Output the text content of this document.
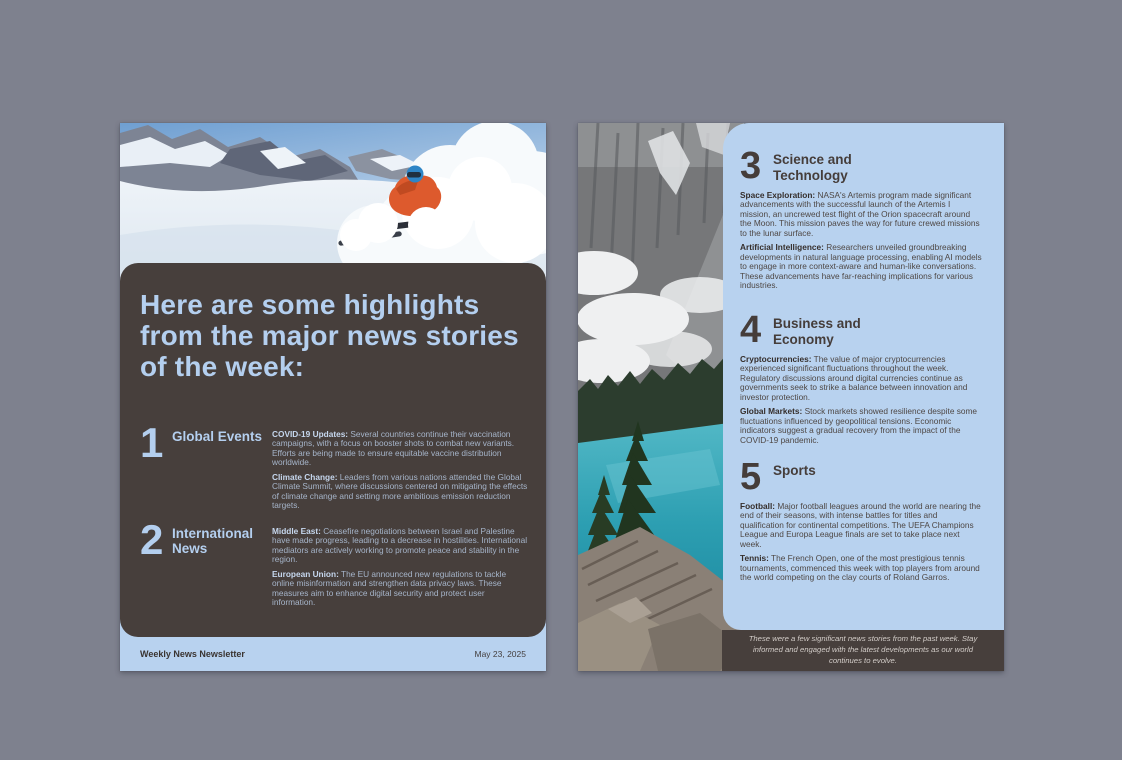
Here are some highlights from the major news stories of the week:
1 Global Events	COVID-19 Updates: Several countries continue their vaccination campaigns, with a focus on booster shots to combat new variants. Efforts are being made to ensure equitable vaccine distribution worldwide.

Climate Change: Leaders from various nations attended the Global Climate Summit, where discussions centered on mitigating the effects of climate change and setting more ambitious emission reduction targets.

2 International News

Middle East: Ceasefire negotiations between Israel and Palestine have made progress, leading to a decrease in hostilities. International mediators are actively working to promote peace and stability in the region.

European Union: The EU announced new regulations to tackle online misinformation and strengthen data privacy laws. These measures aim to enhance digital security and protect user information.

Weekly News Newsletter	May 23, 2025
3 Science and Technology

Space Exploration: NASA's Artemis program made significant advancements with the successful launch of the Artemis I mission, an uncrewed test flight of the Orion spacecraft around the Moon. This mission paves the way for future crewed missions to the lunar surface.

Artificial Intelligence: Researchers unveiled groundbreaking developments in natural language processing, enabling AI models to engage in more context-aware and human-like conversations. These advancements have far-reaching implications for various industries.

4 Business and Economy

Cryptocurrencies: The value of major cryptocurrencies experienced significant fluctuations throughout the week. Regulatory discussions around digital currencies continue as governments seek to strike a balance between innovation and investor protection.

Global Markets: Stock markets showed resilience despite some fluctuations influenced by geopolitical tensions. Economic indicators suggest a gradual recovery from the impact of the COVID-19 pandemic.

5 Sports

Football: Major football leagues around the world are nearing the end of their seasons, with intense battles for titles and qualification for continental competitions. The UEFA Champions League and Europa League finals are set to take place next week.

Tennis: The French Open, one of the most prestigious tennis tournaments, commenced this week with top players from around the world competing on the clay courts of Roland Garros.

These were a few significant news stories from the past week. Stay informed and engaged with the latest developments as our world continues to evolve.
